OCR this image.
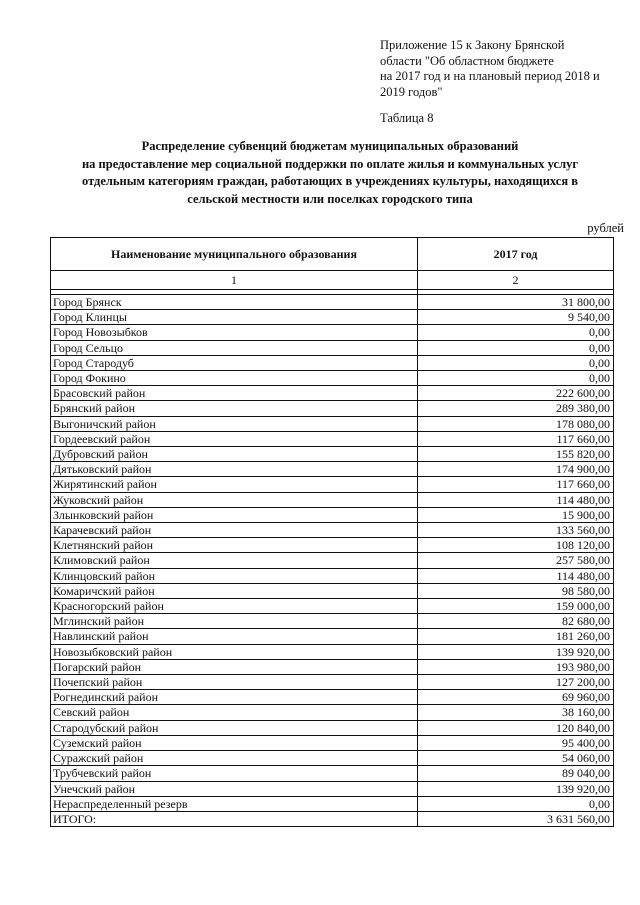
Приложение 15 к Закону Брянской
области "Об областном бюджете
на 2017 год и на плановый период 2018 и
2019 годов"
Таблица 8
Распределение субвенций бюджетам муниципальных образований
на предоставление мер социальной поддержки по оплате жилья и коммунальных услуг
отдельным категориям граждан, работающих в учреждениях культуры, находящихся в
сельской местности или поселках городского типа
рублей
Наименование муниципального образования	2017 год
1	2

Город Брянск	31 800,00
Город Клинцы	9 540,00
Город Новозыбков	0,00
Город Сельцо	0,00
Город Стародуб	0,00
Город Фокино	0,00
Брасовский район	222 600,00
Брянский район	289 380,00
Выгоничский район	178 080,00
Гордеевский район	117 660,00
Дубровский район	155 820,00
Дятьковский район	174 900,00
Жирятинский район	117 660,00
Жуковский район	114 480,00
Злынковский район	15 900,00
Карачевский район	133 560,00
Клетнянский район	108 120,00
Климовский район	257 580,00
Клинцовский район	114 480,00
Комаричский район	98 580,00
Красногорский район	159 000,00
Мглинский район	82 680,00
Навлинский район	181 260,00
Новозыбковский район	139 920,00
Погарский район	193 980,00
Почепский район	127 200,00
Рогнединский район	69 960,00
Севский район	38 160,00
Стародубский район	120 840,00
Суземский район	95 400,00
Суражский район	54 060,00
Трубчевский район	89 040,00
Унечский район	139 920,00
Нераспределенный резерв	0,00
ИТОГО:	3 631 560,00
